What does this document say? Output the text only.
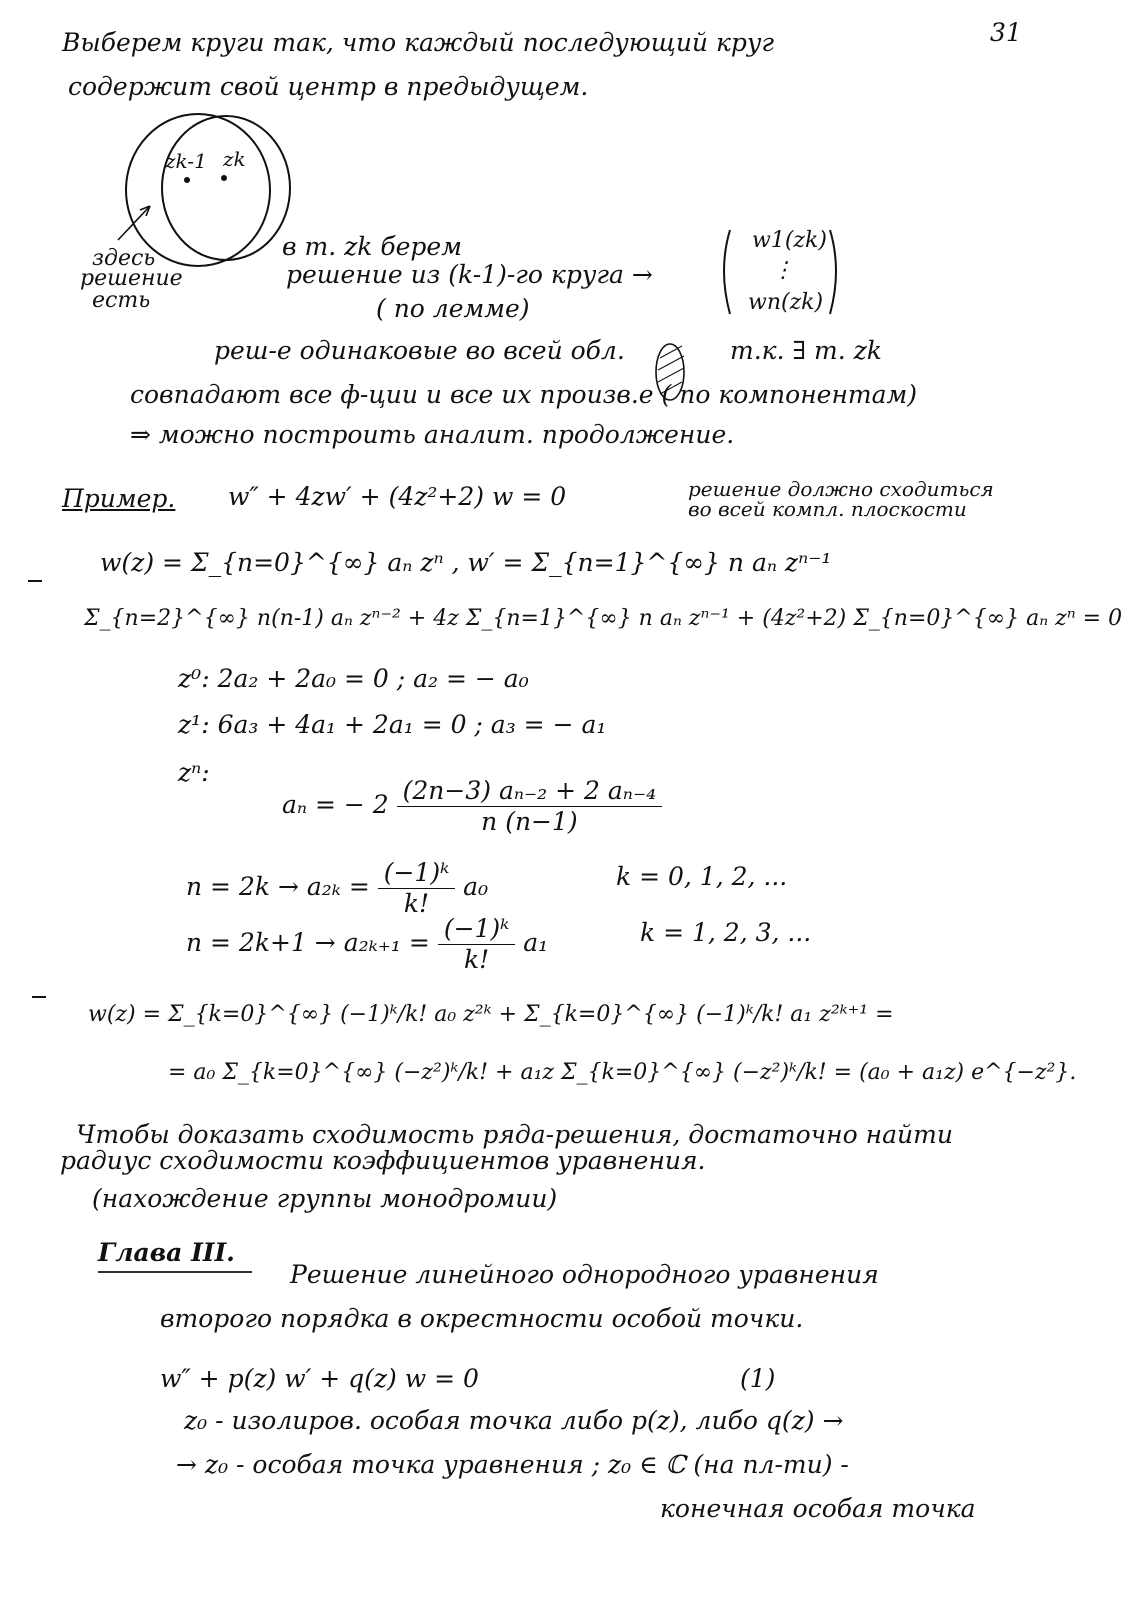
31
Выберем круги так, что каждый последующий круг
содержит свой центр в предыдущем.
zk-1 zk
здесь
решение
есть
в т. zk берем
решение из (k-1)-го круга →
( по лемме)
w1(zk)
⋮
wn(zk)
реш-е одинаковые во всей обл.	т.к. ∃ т. zk
совпадают все ф-ции и все их произв.е ( по компонентам)
⇒ можно построить аналит. продолжение.
Пример. w″ + 4zw′ + (4z²+2) w = 0	решение должно сходиться
во всей компл. плоскости
w(z) = Σ_{n=0}^{∞} aₙ zⁿ , w′ = Σ_{n=1}^{∞} n aₙ zⁿ⁻¹
Σ_{n=2}^{∞} n(n-1) aₙ zⁿ⁻² + 4z Σ_{n=1}^{∞} n aₙ zⁿ⁻¹ + (4z²+2) Σ_{n=0}^{∞} aₙ zⁿ = 0
z⁰: 2a₂ + 2a₀ = 0 ; a₂ = − a₀
z¹: 6a₃ + 4a₁ + 2a₁ = 0 ; a₃ = − a₁
zⁿ:
aₙ = − $2 \frac{\text{(2n−3) aₙ₋₂ + 2 aₙ₋₄}}{n (n-1)}$
$n = 2k \to a_{2k} = \frac{\text{(−1)ᵏ}}{k!} a_0$	k = 0, 1, 2, ...
$n = 2k+1 \to a_{2k+1} = \frac{\text{(−1)ᵏ}}{k!} a_1$	k = 1, 2, 3, ...
w(z) = Σ_{k=0}^{∞} (−1)ᵏ/k! a₀ z²ᵏ + Σ_{k=0}^{∞} (−1)ᵏ/k! a₁ z²ᵏ⁺¹ =
= a₀ Σ_{k=0}^{∞} (−z²)ᵏ/k! + a₁z Σ_{k=0}^{∞} (−z²)ᵏ/k! = (a₀ + a₁z) e^{−z²}.
Чтобы доказать сходимость ряда-решения, достаточно найти
радиус сходимости коэффициентов уравнения.
(нахождение группы монодромии)
Глава III.
Решение линейного однородного уравнения
второго порядка в окрестности особой точки.
w″ + p(z) w′ + q(z) w = 0	(1)
z₀ - изолиров. особая точка либо p(z), либо q(z) →
→ z₀ - особая точка уравнения ; z₀ ∈ ℂ (на пл-ти) -
конечная особая точка
